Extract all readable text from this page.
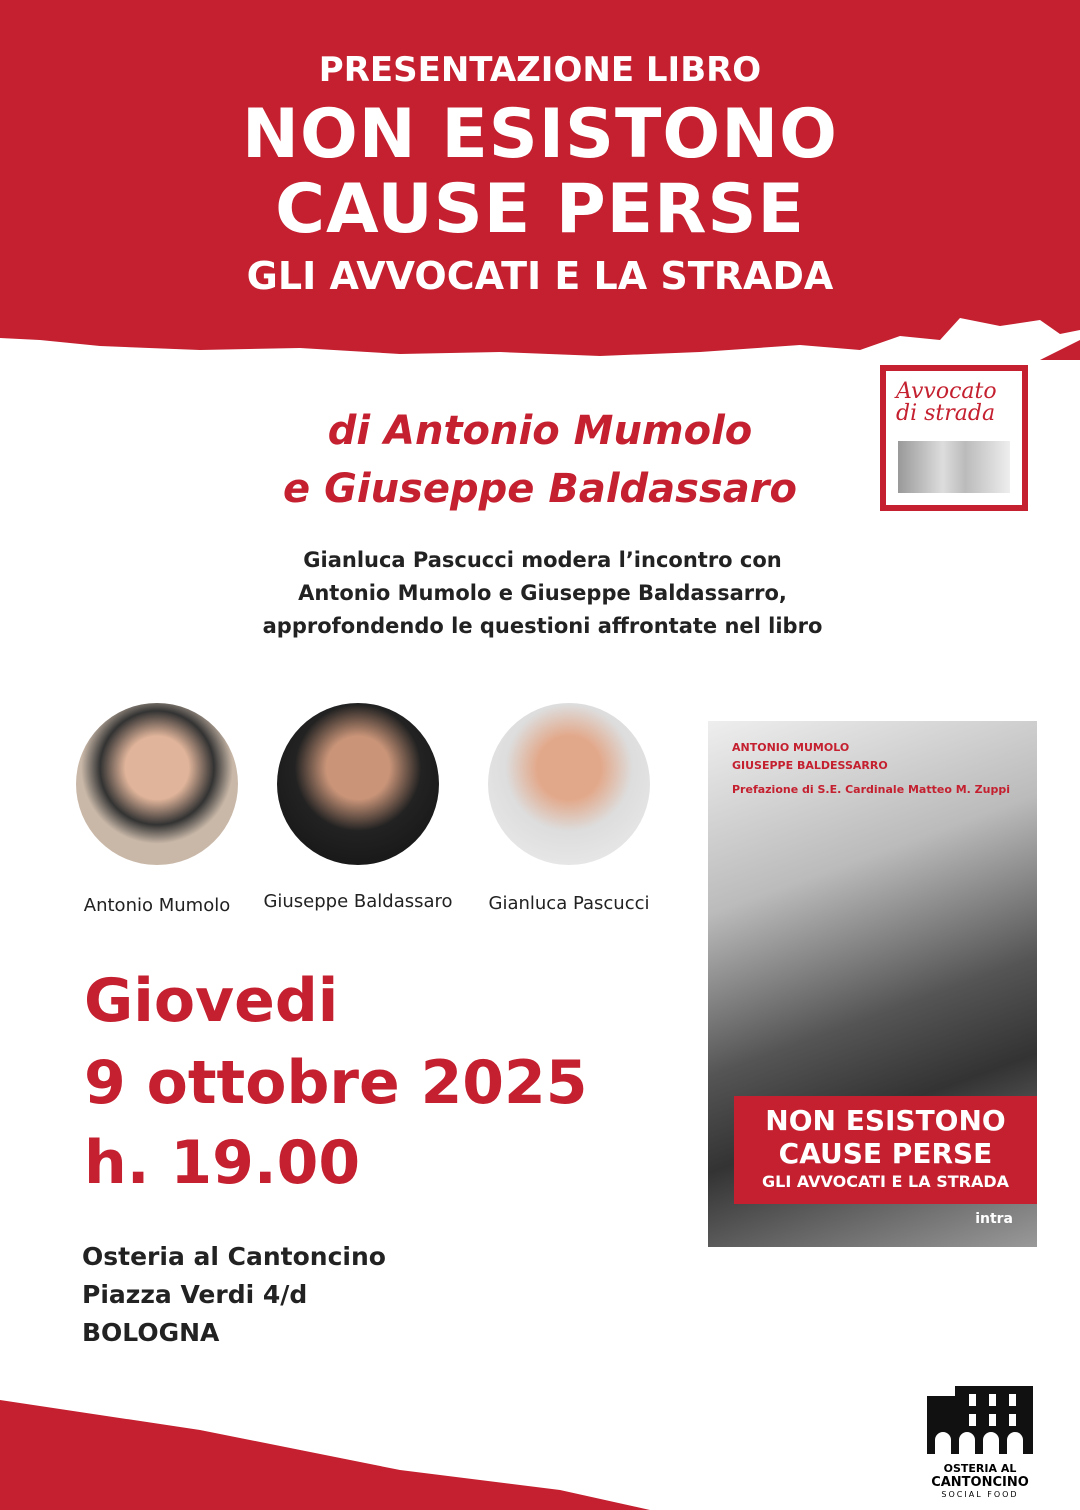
PRESENTAZIONE LIBRO
NON ESISTONO
CAUSE PERSE
GLI AVVOCATI E LA STRADA
Avvocato di strada
di Antonio Mumolo
e Giuseppe Baldassaro
Gianluca Pascucci modera l’incontro con
Antonio Mumolo e Giuseppe Baldassarro,
approfondendo le questioni affrontate nel libro
Antonio Mumolo	Giuseppe Baldassaro	Gianluca Pascucci
Giovedi
9 ottobre 2025
h. 19.00
Osteria al Cantoncino
Piazza Verdi 4/d
BOLOGNA
ANTONIO MUMOLO
GIUSEPPE BALDESSARRO
Prefazione di S.E. Cardinale Matteo M. Zuppi
NON ESISTONO
CAUSE PERSE
GLI AVVOCATI E LA STRADA
intra
OSTERIA AL
CANTONCINO
SOCIAL FOOD
